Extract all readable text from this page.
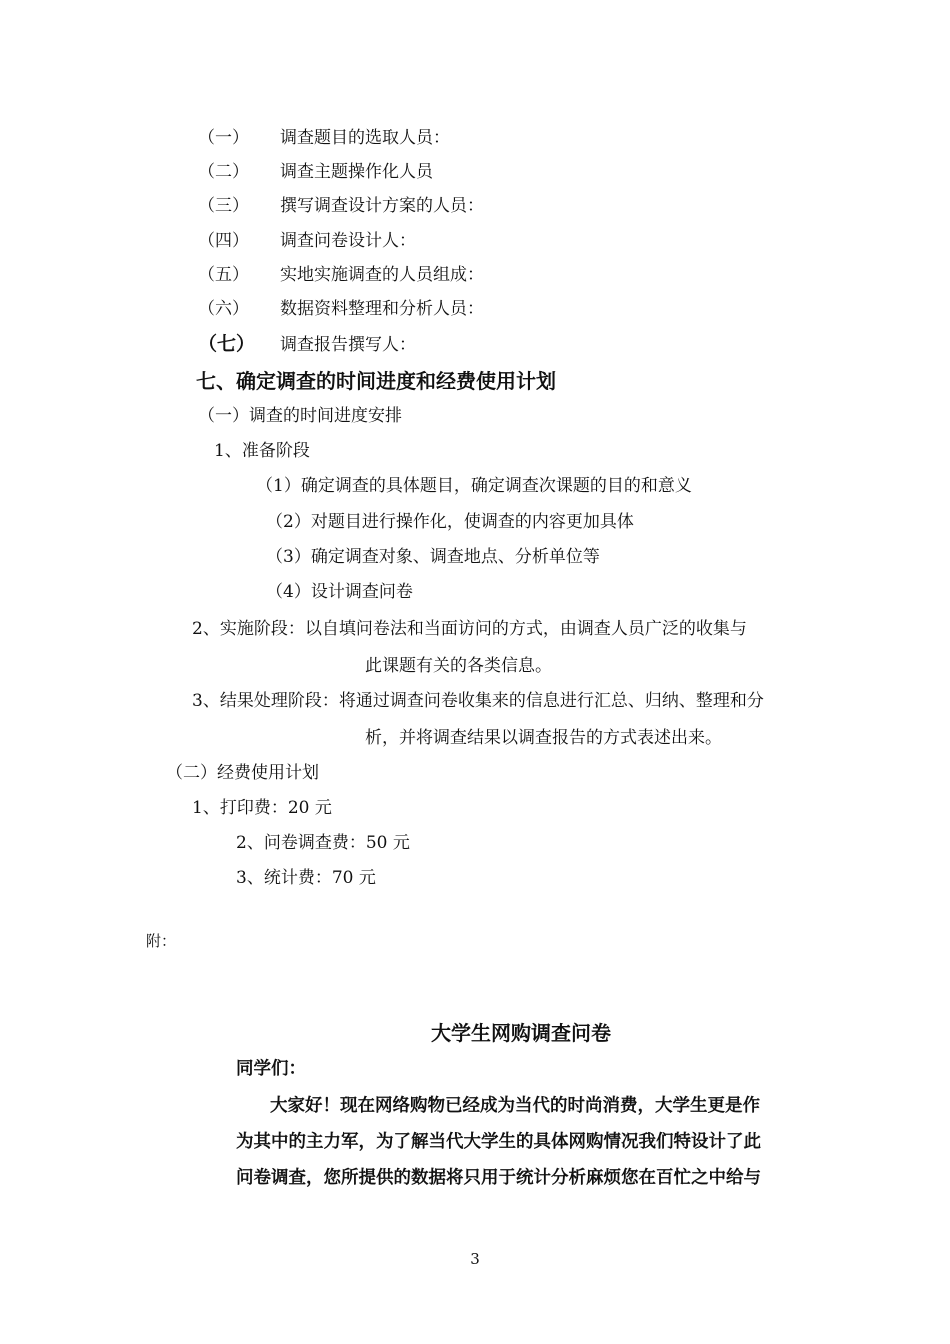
（一） 调查题目的选取人员：
（二） 调查主题操作化人员
（三） 撰写调查设计方案的人员：
（四） 调查问卷设计人：
（五） 实地实施调查的人员组成：
（六） 数据资料整理和分析人员：
（七） 调查报告撰写人：
七、确定调查的时间进度和经费使用计划
（一）调查的时间进度安排
1、准备阶段
（1）确定调查的具体题目，确定调查次课题的目的和意义
（2）对题目进行操作化，使调查的内容更加具体
（3）确定调查对象、调查地点、分析单位等
（4）设计调查问卷
2、实施阶段：以自填问卷法和当面访问的方式，由调查人员广泛的收集与
此课题有关的各类信息。
3、结果处理阶段：将通过调查问卷收集来的信息进行汇总、归纳、整理和分
析，并将调查结果以调查报告的方式表述出来。
（二）经费使用计划
1、打印费：20 元
2、问卷调查费：50 元
3、统计费：70 元
附：
大学生网购调查问卷
同学们：
大家好！现在网络购物已经成为当代的时尚消费，大学生更是作
为其中的主力军，为了解当代大学生的具体网购情况我们特设计了此
问卷调查，您所提供的数据将只用于统计分析麻烦您在百忙之中给与
3
